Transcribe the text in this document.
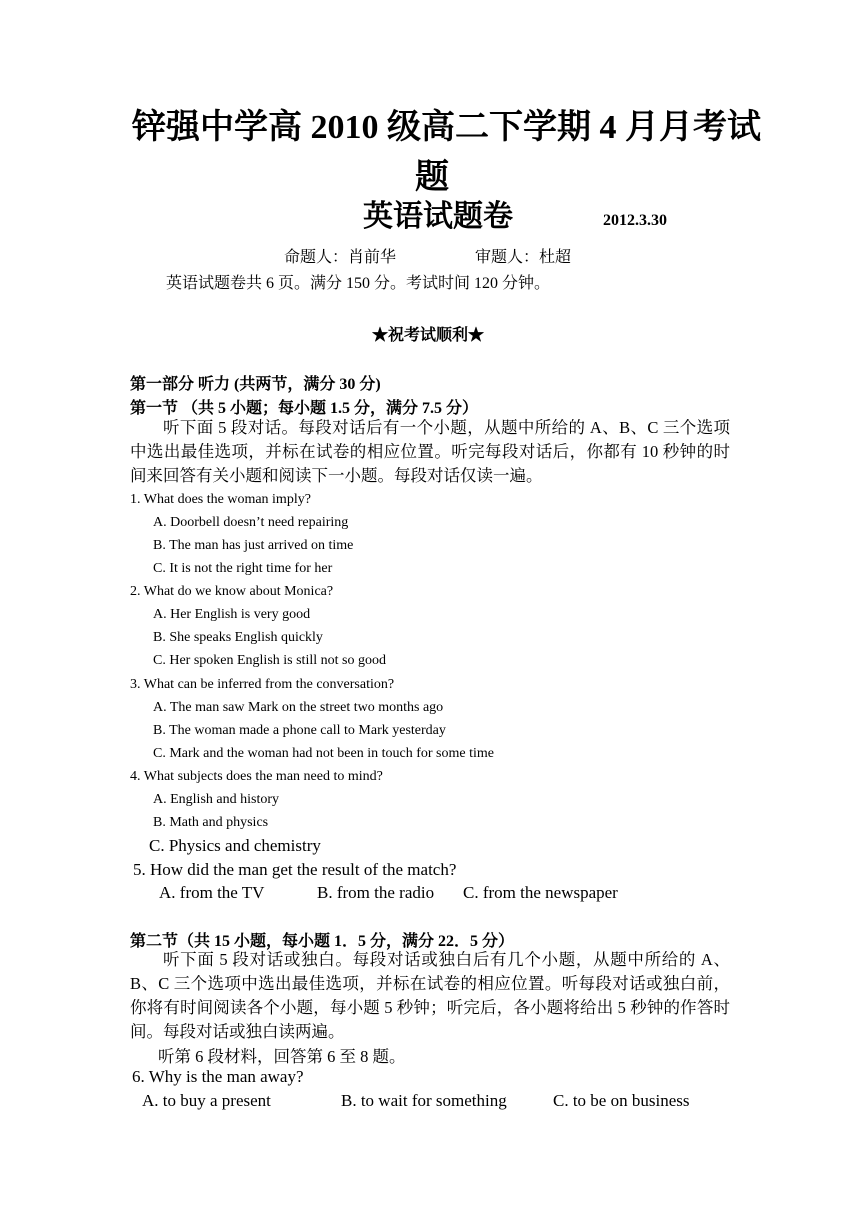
锌强中学高 2010 级高二下学期 4 月月考试
题
英语试题卷	2012.3.30
命题人：肖前华	审题人：杜超
英语试题卷共 6 页。满分 150 分。考试时间 120 分钟。
★祝考试顺利★
第一部分 听力 (共两节，满分 30 分)
第一节 （共 5 小题；每小题 1.5 分，满分 7.5 分）
听下面 5 段对话。每段对话后有一个小题，从题中所给的 A、B、C 三个选项中选出最佳选项，并标在试卷的相应位置。听完每段对话后，你都有 10 秒钟的时间来回答有关小题和阅读下一小题。每段对话仅读一遍。
1. What does the woman imply?
A. Doorbell doesn’t need repairing
B. The man has just arrived on time
C. It is not the right time for her
2. What do we know about Monica?
A. Her English is very good
B. She speaks English quickly
C. Her spoken English is still not so good
3. What can be inferred from the conversation?
A. The man saw Mark on the street two months ago
B. The woman made a phone call to Mark yesterday
C. Mark and the woman had not been in touch for some time
4. What subjects does the man need to mind?
A. English and history
B. Math and physics
C. Physics and chemistry
5. How did the man get the result of the match?
A. from the TV	B. from the radio C. from the newspaper
第二节（共 15 小题，每小题 1．5 分，满分 22．5 分）
听下面 5 段对话或独白。每段对话或独白后有几个小题，从题中所给的 A、B、C 三个选项中选出最佳选项，并标在试卷的相应位置。听每段对话或独白前，你将有时间阅读各个小题，每小题 5 秒钟；听完后，各小题将给出 5 秒钟的作答时间。每段对话或独白读两遍。
听第 6 段材料，回答第 6 至 8 题。
6. Why is the man away?
A. to buy a present	B. to wait for something	C. to be on business
